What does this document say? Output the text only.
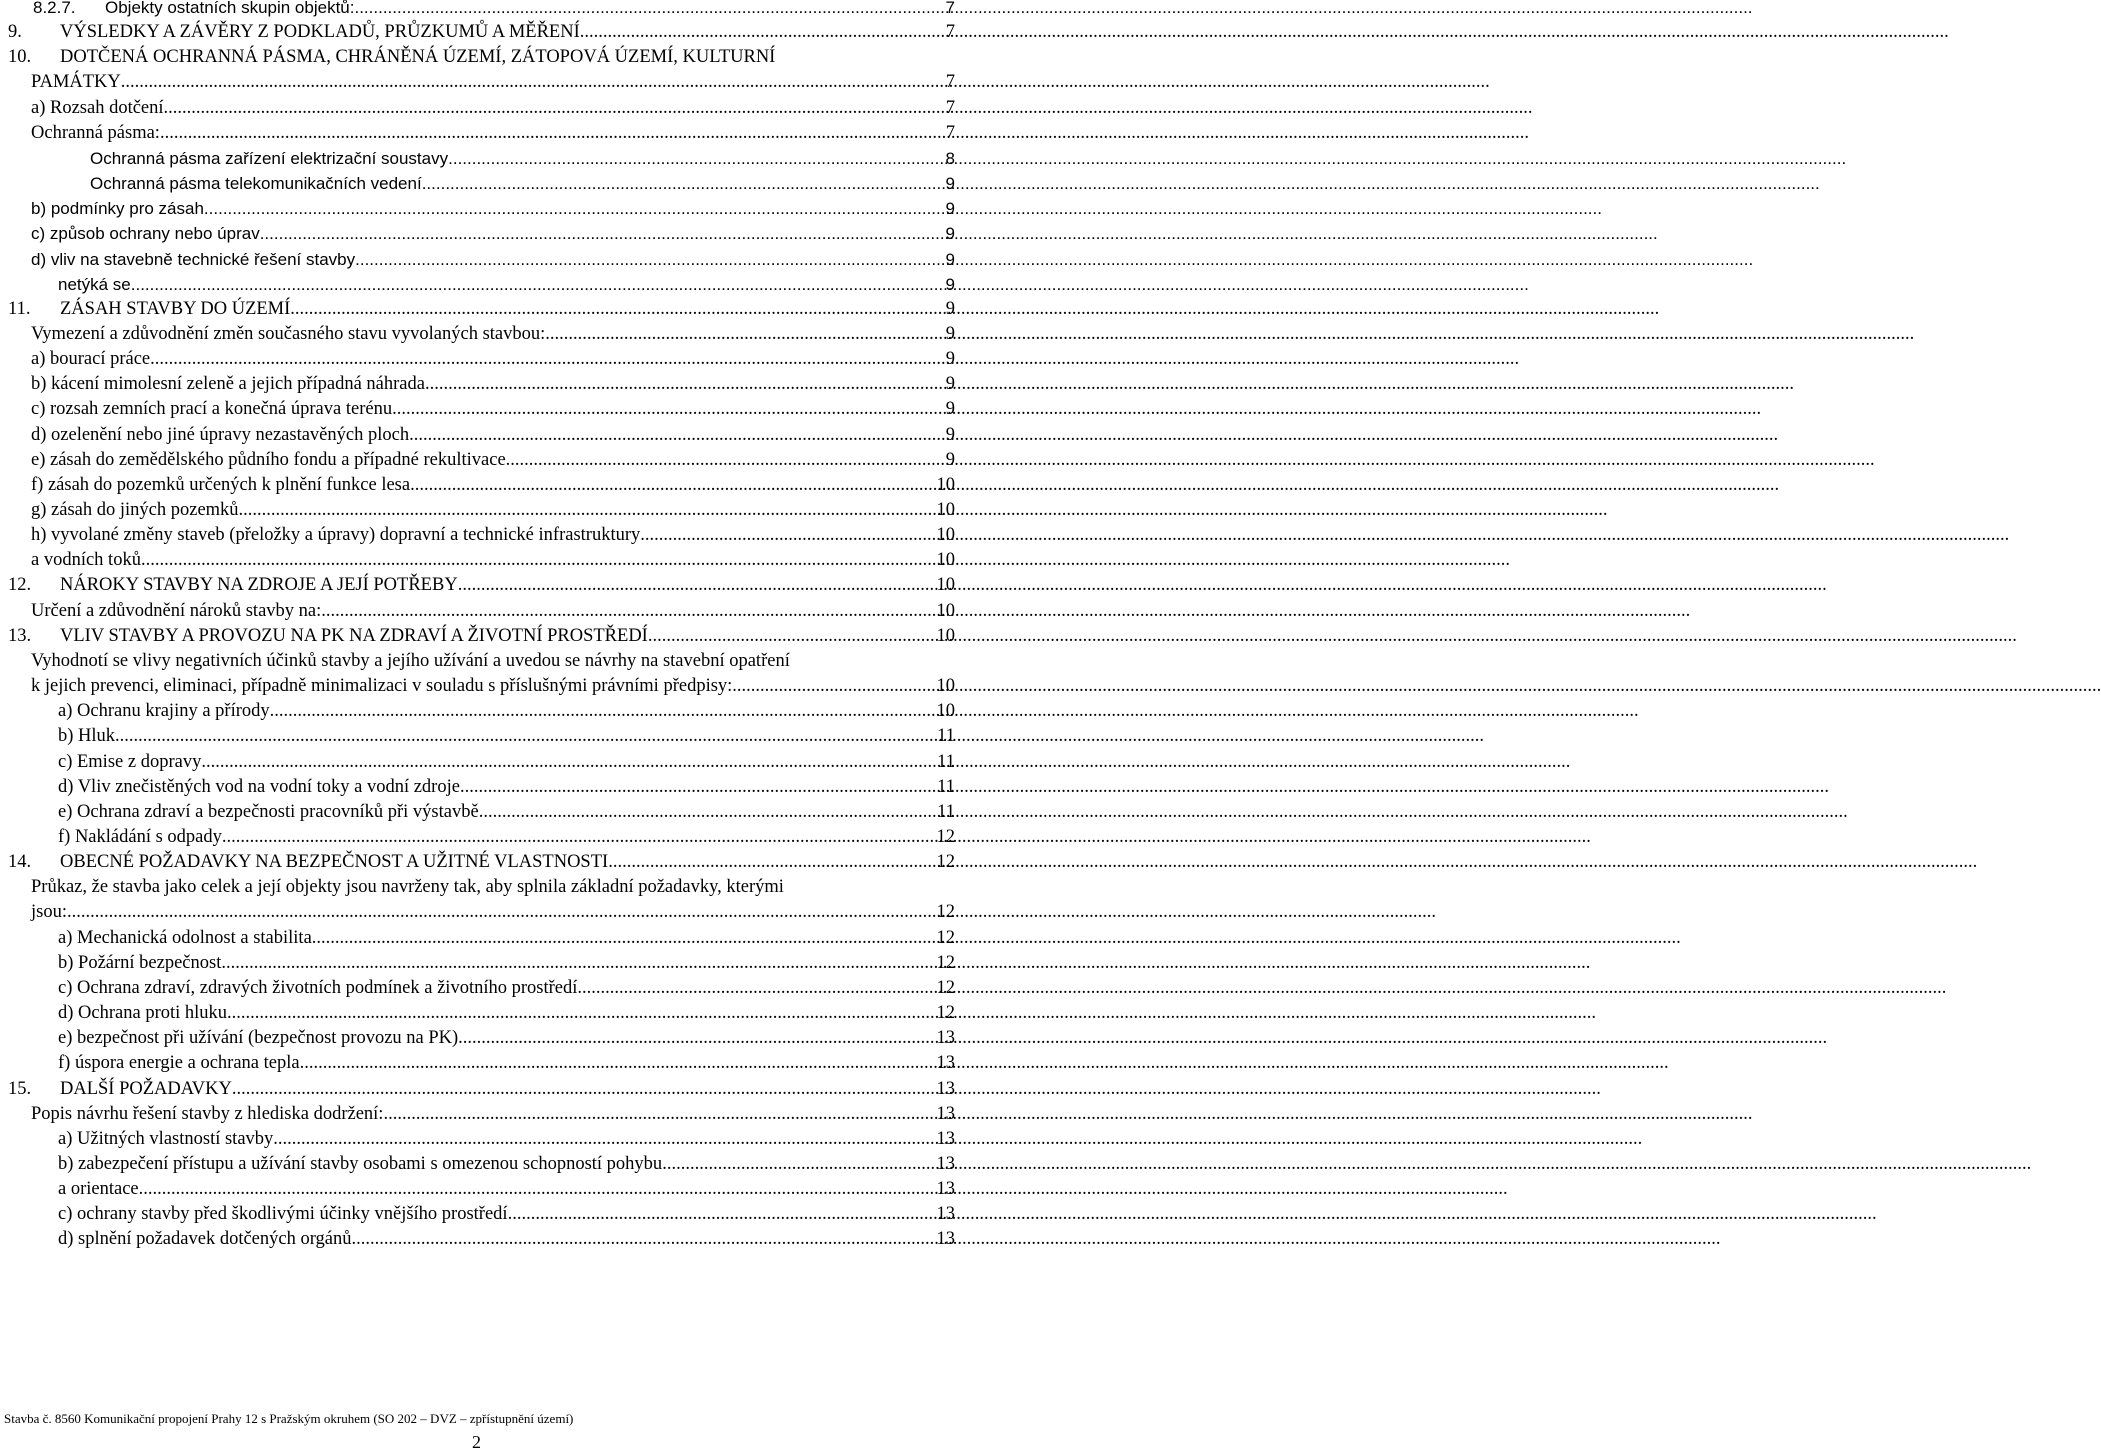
8.2.7. Objekty ostatních skupin objektů: .....	7
9. VÝSLEDKY A ZÁVĚRY Z PODKLADŮ, PRŮZKUMŮ A MĚŘENÍ .....	7
10. DOTČENÁ OCHRANNÁ PÁSMA, CHRÁNĚNÁ ÚZEMÍ, ZÁTOPOVÁ ÚZEMÍ, KULTURNÍ
PAMÁTKY .....	7
a) Rozsah dotčení .....	7
Ochranná pásma: .....	7
Ochranná pásma zařízení elektrizační soustavy .....	8
Ochranná pásma telekomunikačních vedení .....	9
b) podmínky pro zásah .....	9
c) způsob ochrany nebo úprav .....	9
d) vliv na stavebně technické řešení stavby .....	9
netýká se .....	9
11. ZÁSAH STAVBY DO ÚZEMÍ .....	9
Vymezení a zdůvodnění změn současného stavu vyvolaných stavbou: .....	9
a) bourací práce .....	9
b) kácení mimolesní zeleně a jejich případná náhrada .....	9
c) rozsah zemních prací a konečná úprava terénu .....	9
d) ozelenění nebo jiné úpravy nezastavěných ploch .....	9
e) zásah do zemědělského půdního fondu a případné rekultivace .....	9
f) zásah do pozemků určených k plnění funkce lesa .....	10
g) zásah do jiných pozemků .....	10
h) vyvolané změny staveb (přeložky a úpravy) dopravní a technické infrastruktury .....	10
a vodních toků .....	10
12. NÁROKY STAVBY NA ZDROJE A JEJÍ POTŘEBY .....	10
Určení a zdůvodnění nároků stavby na: .....	10
13. VLIV STAVBY A PROVOZU NA PK NA ZDRAVÍ A ŽIVOTNÍ PROSTŘEDÍ .....	10
Vyhodnotí se vlivy negativních účinků stavby a jejího užívání a uvedou se návrhy na stavební opatření
k jejich prevenci, eliminaci, případně minimalizaci v souladu s příslušnými právními předpisy: .....	10
a) Ochranu krajiny a přírody .....	10
b) Hluk .....	11
c) Emise z dopravy .....	11
d) Vliv znečistěných vod na vodní toky a vodní zdroje .....	11
e) Ochrana zdraví a bezpečnosti pracovníků při výstavbě .....	11
f) Nakládání s odpady .....	12
14. OBECNÉ POŽADAVKY NA BEZPEČNOST A UŽITNÉ VLASTNOSTI .....	12
Průkaz, že stavba jako celek a její objekty jsou navrženy tak, aby splnila základní požadavky, kterými
jsou: .....	12
a) Mechanická odolnost a stabilita .....	12
b) Požární bezpečnost .....	12
c) Ochrana zdraví, zdravých životních podmínek a životního prostředí .....	12
d) Ochrana proti hluku .....	12
e) bezpečnost při užívání (bezpečnost provozu na PK) .....	13
f) úspora energie a ochrana tepla .....	13
15. DALŠÍ POŽADAVKY .....	13
Popis návrhu řešení stavby z hlediska dodržení: .....	13
a) Užitných vlastností stavby .....	13
b) zabezpečení přístupu a užívání stavby osobami s omezenou schopností pohybu .....	13
a orientace .....	13
c) ochrany stavby před škodlivými účinky vnějšího prostředí .....	13
d) splnění požadavek dotčených orgánů .....	13
Stavba č. 8560 Komunikační propojení Prahy 12 s Pražským okruhem (SO 202 – DVZ – zpřístupnění území)
2
